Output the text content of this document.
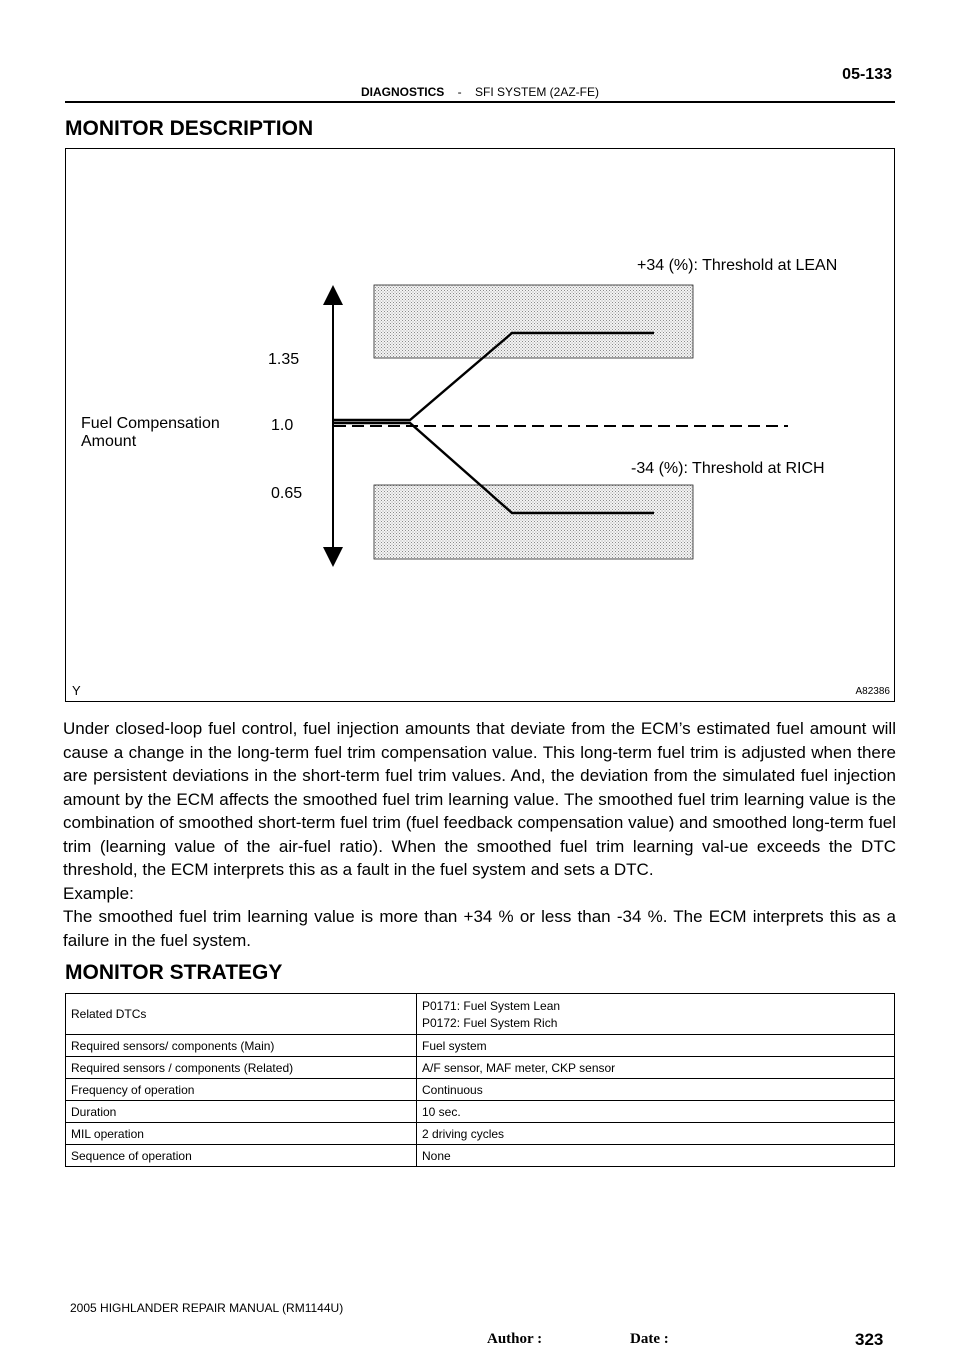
DIAGNOSTICS - SFI SYSTEM (2AZ-FE)
05-133
MONITOR DESCRIPTION
Fuel Compensation
Amount
1.35
1.0
0.65
+34 (%): Threshold at LEAN
-34 (%): Threshold at RICH
Y	A82386

Under closed-loop fuel control, fuel injection amounts that deviate from the ECM’s estimated fuel amount will cause a change in the long-term fuel trim compensation value. This long-term fuel trim is adjusted when there are persistent deviations in the short-term fuel trim values. And, the deviation from the simulated fuel injection amount by the ECM affects the smoothed fuel trim learning value. The smoothed fuel trim learning value is the combination of smoothed short-term fuel trim (fuel feedback compensation value) and smoothed long-term fuel trim (learning value of the air-fuel ratio). When the smoothed fuel trim learning val-ue exceeds the DTC threshold, the ECM interprets this as a fault in the fuel system and sets a DTC.

Example:

The smoothed fuel trim learning value is more than +34 % or less than -34 %. The ECM interprets this as a failure in the fuel system.

MONITOR STRATEGY
Related DTCs	P0171: Fuel System Lean
P0172: Fuel System Rich

Required sensors/ components (Main)	Fuel system
Required sensors / components (Related)	A/F sensor, MAF meter, CKP sensor
Frequency of operation	Continuous
Duration	10 sec.
MIL operation	2 driving cycles
Sequence of operation	None
2005 HIGHLANDER REPAIR MANUAL (RM1144U)
Author :	Date :	323
